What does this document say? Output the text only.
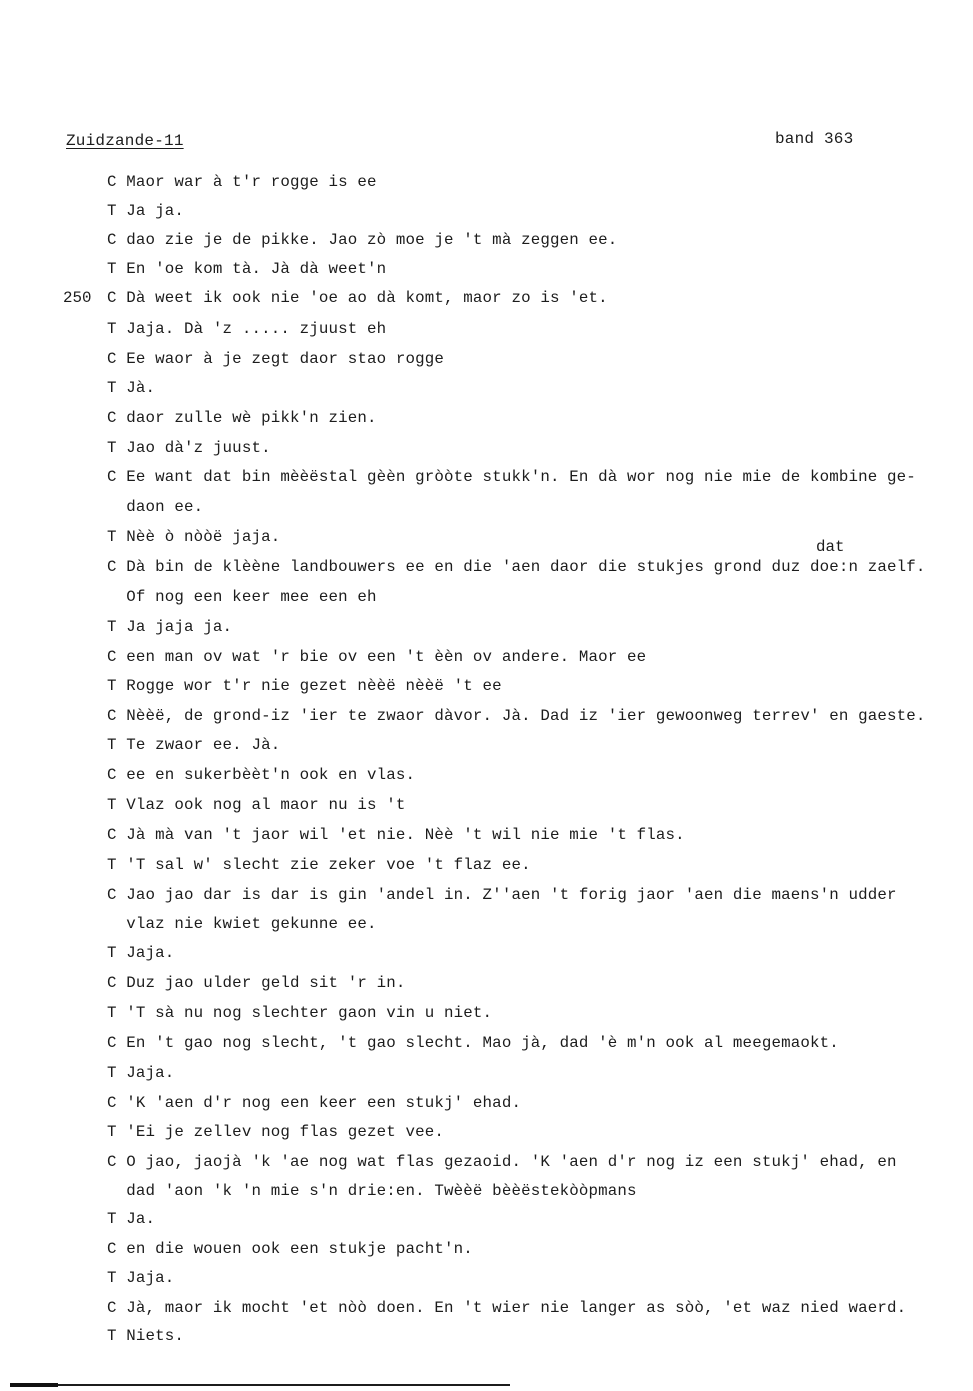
Zuidzande-11	band 363
250
dat
C Maor war à t'r rogge is ee
T Ja ja.
C dao zie je de pikke. Jao zò moe je 't mà zeggen ee.
T En 'oe kom tà. Jà dà weet'n
C Dà weet ik ook nie 'oe ao dà komt, maor zo is 'et.
T Jaja. Dà 'z ..... zjuust eh
C Ee waor à je zegt daor stao rogge
T Jà.
C daor zulle wè pikk'n zien.
T Jao dà'z juust.
C Ee want dat bin mèèëstal gèèn gròòte stukk'n. En dà wor nog nie mie de kombine ge-
daon ee.
T Nèè ò nòòë jaja.
C Dà bin de klèène landbouwers ee en die 'aen daor die stukjes grond duz doe:n zaelf.
Of nog een keer mee een eh
T Ja jaja ja.
C een man ov wat 'r bie ov een 't èèn ov andere. Maor ee
T Rogge wor t'r nie gezet nèèë nèèë 't ee
C Nèèë, de grond-iz 'ier te zwaor dàvor. Jà. Dad iz 'ier gewoonweg terrev' en gaeste.
T Te zwaor ee. Jà.
C ee en sukerbèèt'n ook en vlas.
T Vlaz ook nog al maor nu is 't
C Jà mà van 't jaor wil 'et nie. Nèè 't wil nie mie 't flas.
T 'T sal w' slecht zie zeker voe 't flaz ee.
C Jao jao dar is dar is gin 'andel in. Z''aen 't forig jaor 'aen die maens'n udder
vlaz nie kwiet gekunne ee.
T Jaja.
C Duz jao ulder geld sit 'r in.
T 'T sà nu nog slechter gaon vin u niet.
C En 't gao nog slecht, 't gao slecht. Mao jà, dad 'è m'n ook al meegemaokt.
T Jaja.
C 'K 'aen d'r nog een keer een stukj' ehad.
T 'Ei je zellev nog flas gezet vee.
C O jao, jaojà 'k 'ae nog wat flas gezaoid. 'K 'aen d'r nog iz een stukj' ehad, en
dad 'aon 'k 'n mie s'n drie:en. Twèèë bèèëstekòòpmans
T Ja.
C en die wouen ook een stukje pacht'n.
T Jaja.
C Jà, maor ik mocht 'et nòò doen. En 't wier nie langer as sòò, 'et waz nied waerd.
T Niets.
